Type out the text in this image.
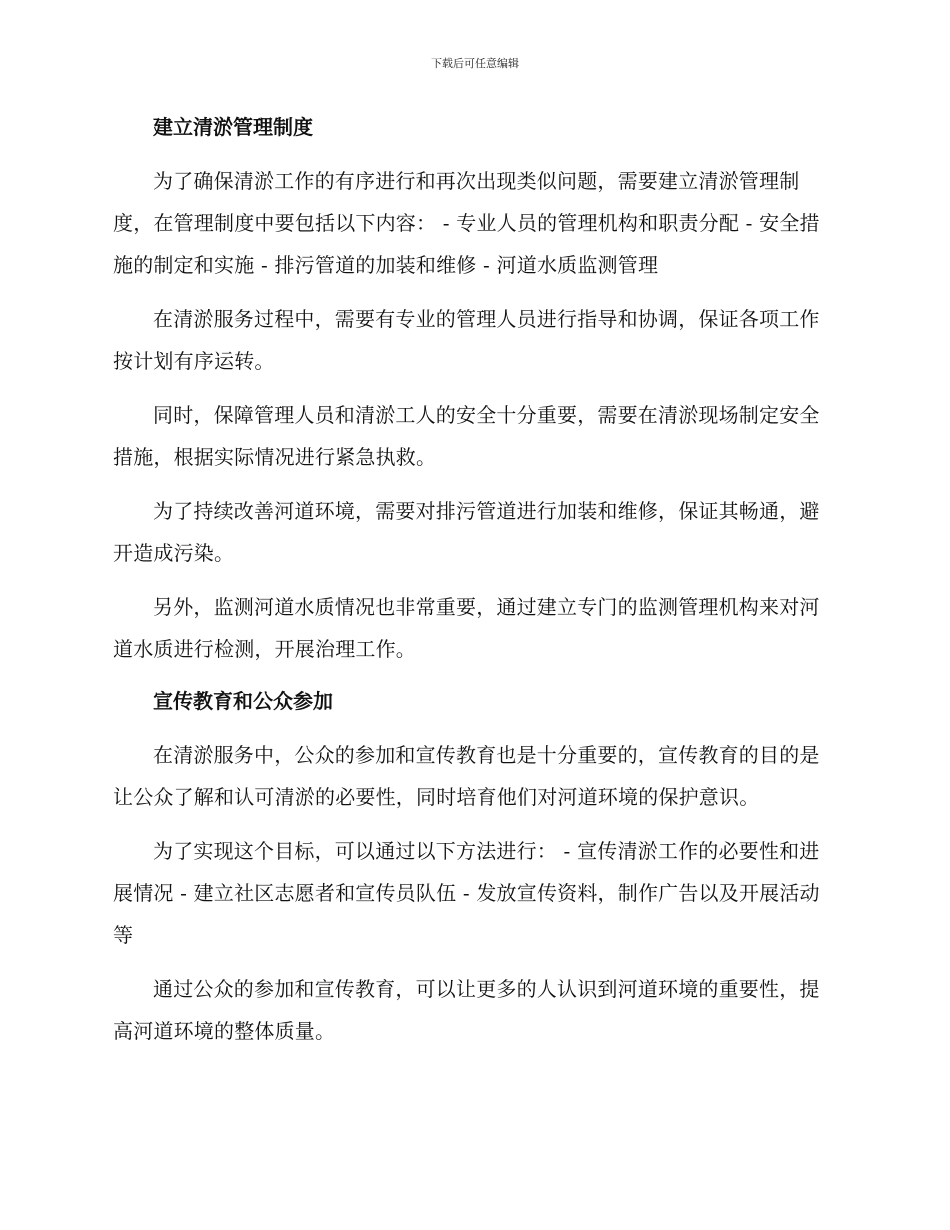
下载后可任意编辑
建立清淤管理制度

为了确保清淤工作的有序进行和再次出现类似问题，需要建立清淤管理制度，在管理制度中要包括以下内容： - 专业人员的管理机构和职责分配 - 安全措施的制定和实施 - 排污管道的加装和维修 - 河道水质监测管理

在清淤服务过程中，需要有专业的管理人员进行指导和协调，保证各项工作按计划有序运转。

同时，保障管理人员和清淤工人的安全十分重要，需要在清淤现场制定安全措施，根据实际情况进行紧急执救。

为了持续改善河道环境，需要对排污管道进行加装和维修，保证其畅通，避开造成污染。

另外，监测河道水质情况也非常重要，通过建立专门的监测管理机构来对河道水质进行检测，开展治理工作。

宣传教育和公众参加

在清淤服务中，公众的参加和宣传教育也是十分重要的，宣传教育的目的是让公众了解和认可清淤的必要性，同时培育他们对河道环境的保护意识。

为了实现这个目标，可以通过以下方法进行： - 宣传清淤工作的必要性和进展情况 - 建立社区志愿者和宣传员队伍 - 发放宣传资料，制作广告以及开展活动等

通过公众的参加和宣传教育，可以让更多的人认识到河道环境的重要性，提高河道环境的整体质量。
